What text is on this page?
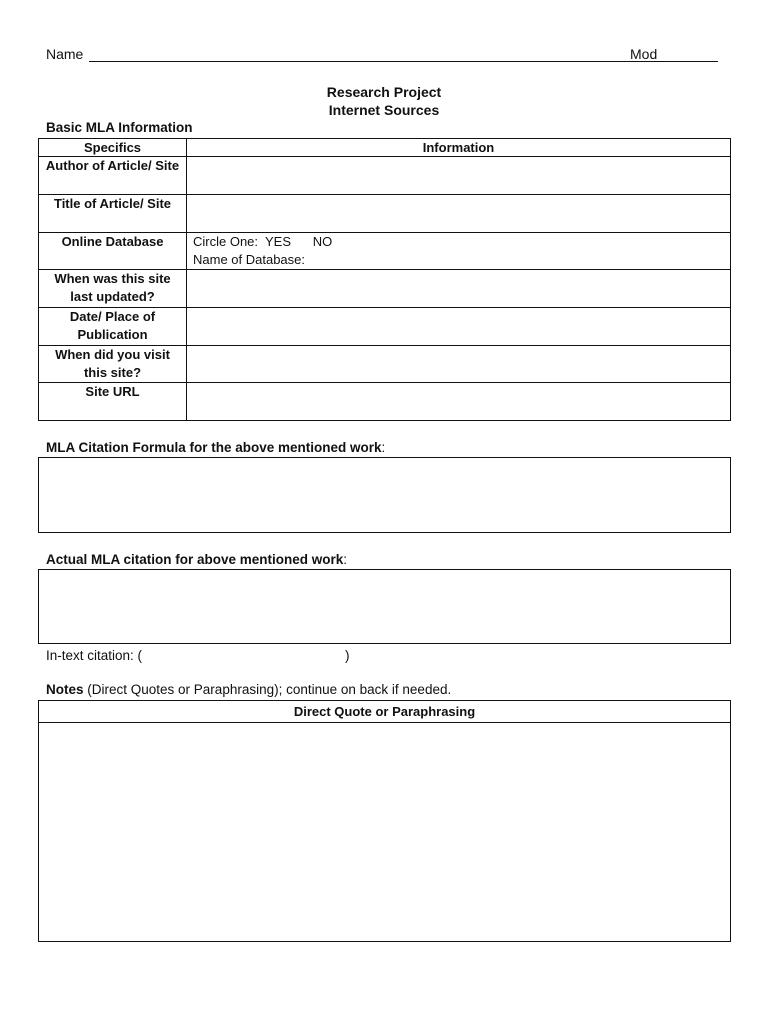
Name	Mod
Research Project
Internet Sources
Basic MLA Information
Specifics	Information
Author of Article/ Site	
Title of Article/ Site	
Online Database	Circle One:  YES      NO
Name of Database:

When was this site last updated?	
Date/ Place of Publication	
When did you visit this site?	
Site URL	
MLA Citation Formula for the above mentioned work:
Actual MLA citation for above mentioned work:
In-text citation: (	)
Notes (Direct Quotes or Paraphrasing); continue on back if needed.
Direct Quote or Paraphrasing
